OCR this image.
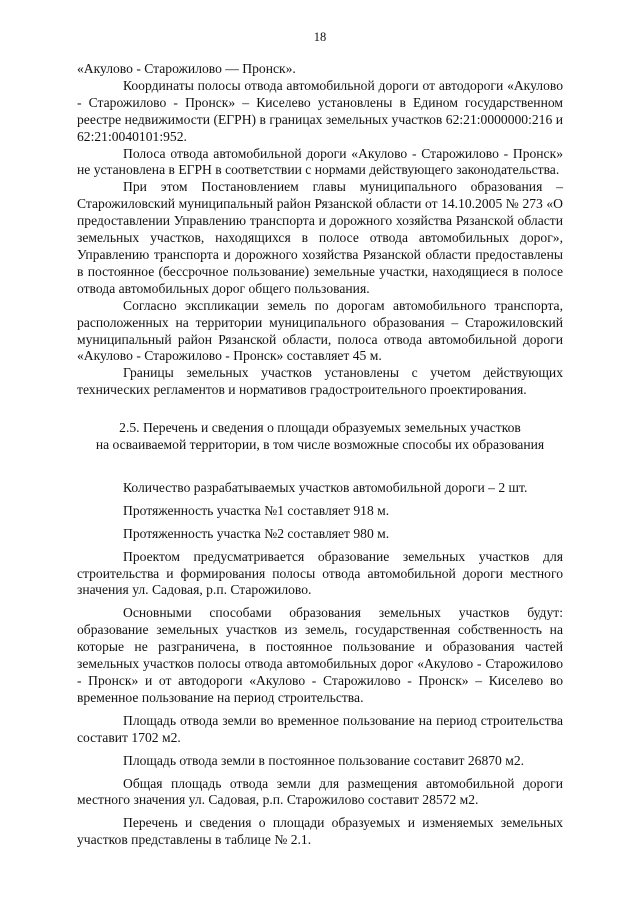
18

«Акулово - Старожилово — Пронск».

Координаты полосы отвода автомобильной дороги от автодороги «Акулово - Старожилово - Пронск» – Киселево установлены в Едином государственном реестре недвижимости (ЕГРН) в границах земельных участков 62:21:0000000:216 и 62:21:0040101:952.

Полоса отвода автомобильной дороги «Акулово - Старожилово - Пронск» не установлена в ЕГРН в соответствии с нормами действующего законодательства.

При этом Постановлением главы муниципального образования – Старожиловский муниципальный район Рязанской области от 14.10.2005 № 273 «О предоставлении Управлению транспорта и дорожного хозяйства Рязанской области земельных участков, находящихся в полосе отвода автомобильных дорог», Управлению транспорта и дорожного хозяйства Рязанской области предоставлены в постоянное (бессрочное пользование) земельные участки, находящиеся в полосе отвода автомобильных дорог общего пользования.

Согласно экспликации земель по дорогам автомобильного транспорта, расположенных на территории муниципального образования – Старожиловский муниципальный район Рязанской области, полоса отвода автомобильной дороги «Акулово - Старожилово - Пронск» составляет 45 м.

Границы земельных участков установлены с учетом действующих технических регламентов и нормативов градостроительного проектирования.

2.5. Перечень и сведения о площади образуемых земельных участков
на осваиваемой территории, в том числе возможные способы их образования

Количество разрабатываемых участков автомобильной дороги – 2 шт.

Протяженность участка №1 составляет 918 м.

Протяженность участка №2 составляет 980 м.

Проектом предусматривается образование земельных участков для строительства и формирования полосы отвода автомобильной дороги местного значения ул. Садовая, р.п. Старожилово.

Основными способами образования земельных участков будут: образование земельных участков из земель, государственная собственность на которые не разграничена, в постоянное пользование и образования частей земельных участков полосы отвода автомобильных дорог «Акулово - Старожилово - Пронск» и от автодороги «Акулово - Старожилово - Пронск» – Киселево во временное пользование на период строительства.

Площадь отвода земли во временное пользование на период строительства составит 1702 м2.

Площадь отвода земли в постоянное пользование составит 26870 м2.

Общая площадь отвода земли для размещения автомобильной дороги местного значения ул. Садовая, р.п. Старожилово составит 28572 м2.

Перечень и сведения о площади образуемых и изменяемых земельных участков представлены в таблице № 2.1.
